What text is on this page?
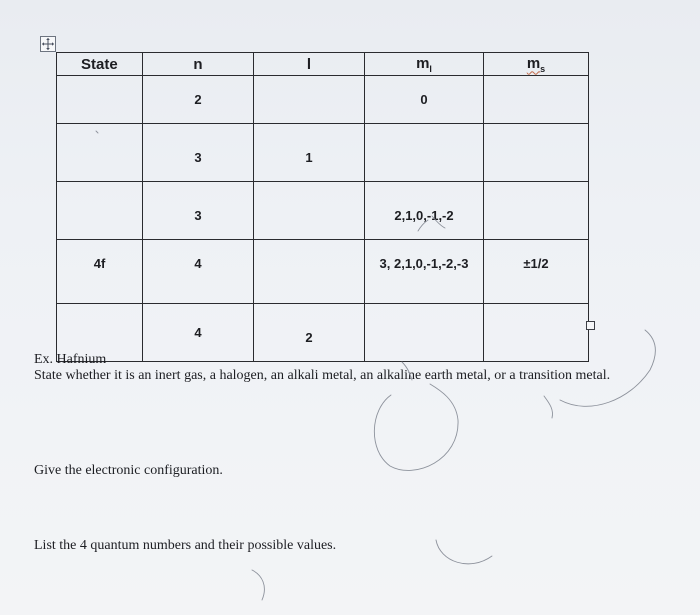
State	n	l	$m_l$	$m_s$
	2		0	
	3	1		
	3		2,1,0,-1,-2	
4f	4		3, 2,1,0,-1,-2,-3	±1/2
	4	2		
Ex. Hafnium
State whether it is an inert gas, a halogen, an alkali metal, an alkaline earth metal, or a transition metal.
Give the electronic configuration.
List the 4 quantum numbers and their possible values.
